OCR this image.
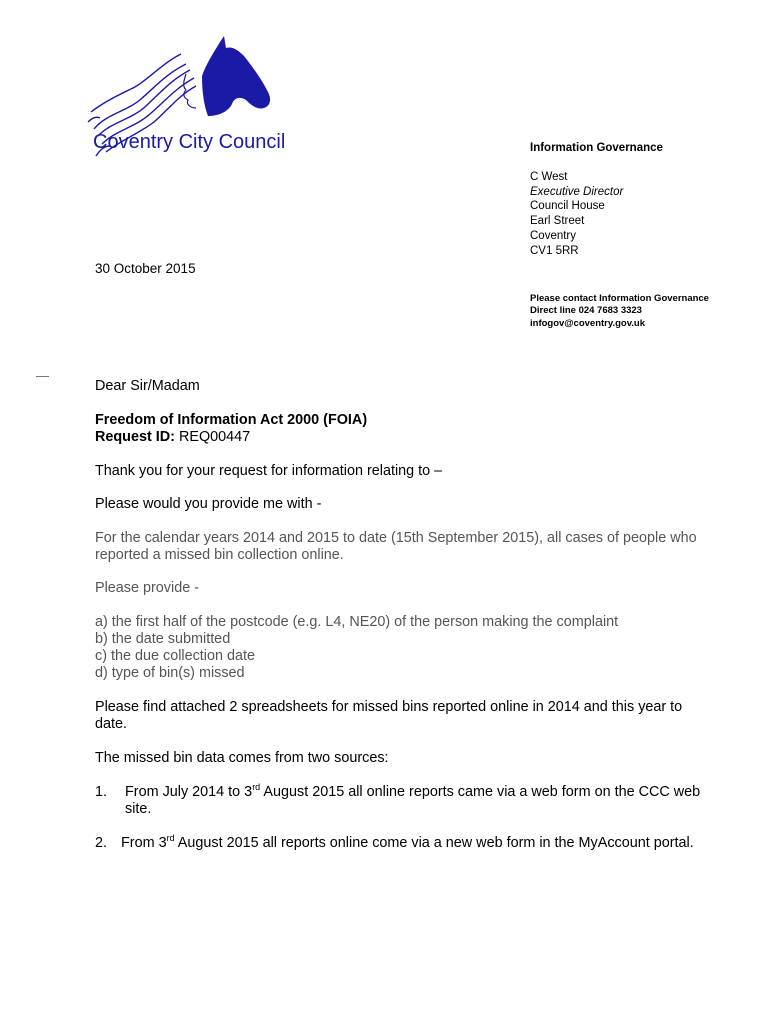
Coventry City Council	Information Governance
C West
Executive Director
Council House
Earl Street
Coventry
CV1 5RR
Please contact Information Governance
Direct line 024 7683 3323
infogov@coventry.gov.uk
30 October 2015
—

Dear Sir/Madam

Freedom of Information Act 2000 (FOIA)

Request ID: REQ00447

Thank you for your request for information relating to –

Please would you provide me with -

For the calendar years 2014 and 2015 to date (15th September 2015), all cases of people who reported a missed bin collection online.

Please provide -

a) the first half of the postcode (e.g. L4, NE20) of the person making the complaint

b) the date submitted

c) the due collection date

d) type of bin(s) missed

Please find attached 2 spreadsheets for missed bins reported online in 2014 and this year to date.

The missed bin data comes from two sources:

1.	From July 2014 to 3rd August 2015 all online reports came via a web form on the CCC web site.
2. From 3rd August 2015 all reports online come via a new web form in the MyAccount portal.
